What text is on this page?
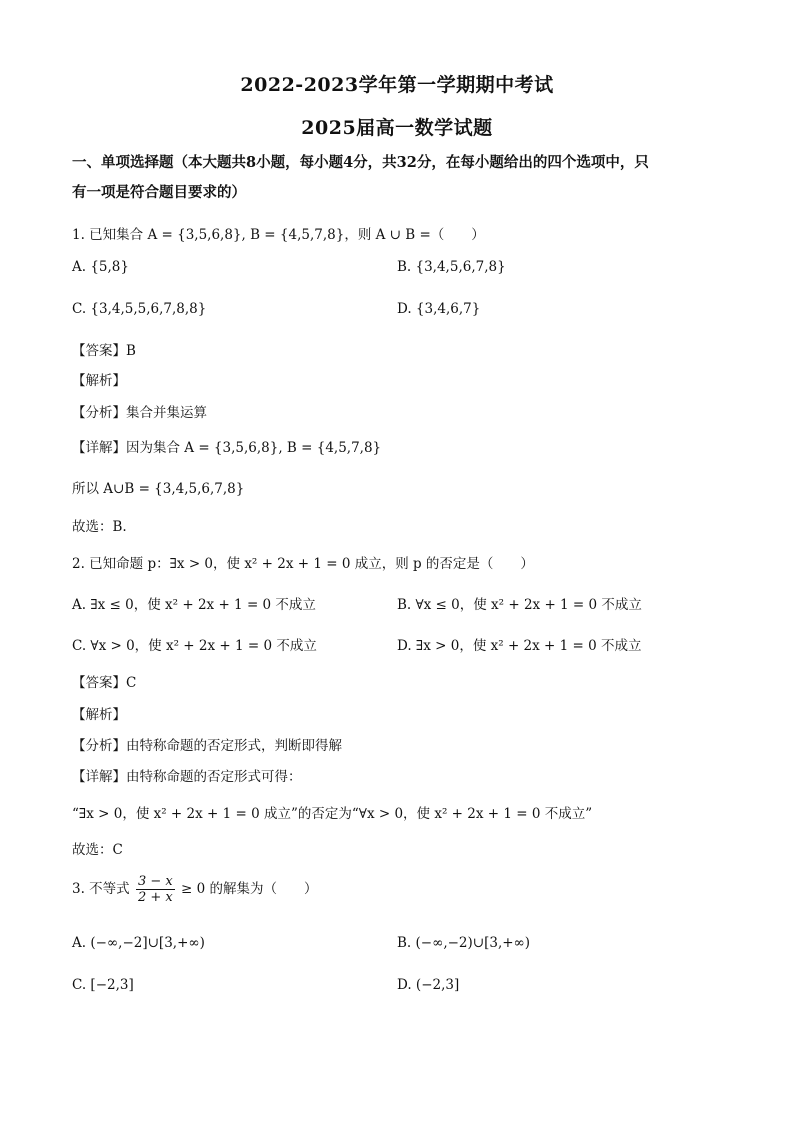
2022-2023学年第一学期期中考试
2025届高一数学试题
一、单项选择题（本大题共8小题，每小题4分，共32分，在每小题给出的四个选项中，只
有一项是符合题目要求的）
1. 已知集合 A = {3,5,6,8}, B = {4,5,7,8}，则 A ∪ B =（　　）
A. {5,8}	B. {3,4,5,6,7,8}
C. {3,4,5,5,6,7,8,8}	D. {3,4,6,7}
【答案】B
【解析】
【分析】集合并集运算
【详解】因为集合 A = {3,5,6,8}, B = {4,5,7,8}
所以 A∪B = {3,4,5,6,7,8}
故选：B.
2. 已知命题 p：∃x > 0，使 x² + 2x + 1 = 0 成立，则 p 的否定是（　　）
A. ∃x ≤ 0，使 x² + 2x + 1 = 0 不成立	B. ∀x ≤ 0，使 x² + 2x + 1 = 0 不成立
C. ∀x > 0，使 x² + 2x + 1 = 0 不成立	D. ∃x > 0，使 x² + 2x + 1 = 0 不成立
【答案】C
【解析】
【分析】由特称命题的否定形式，判断即得解
【详解】由特称命题的否定形式可得：
“∃x > 0，使 x² + 2x + 1 = 0 成立”的否定为“∀x > 0，使 x² + 2x + 1 = 0 不成立”
故选：C
3. 不等式 $\frac{3 - x}{2 + x} \ge 0$ 的解集为（　　）
A. (−∞,−2]∪[3,+∞)	B. (−∞,−2)∪[3,+∞)
C. [−2,3]	D. (−2,3]
